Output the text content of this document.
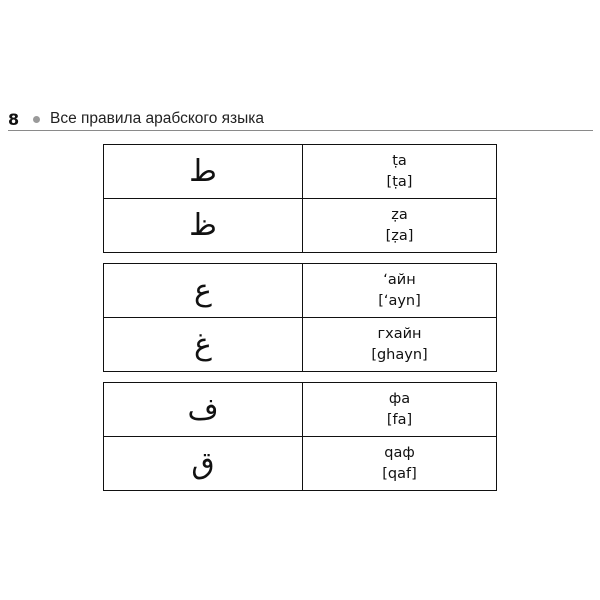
8	Все правила арабского языка
ط	ṭa
[ṭa]

ظ	ẓa
[ẓa]
ع	ʻайн
[ʻayn]

غ	гхайн
[ghayn]
ف	фа
[fa]

ق	qаф
[qaf]
